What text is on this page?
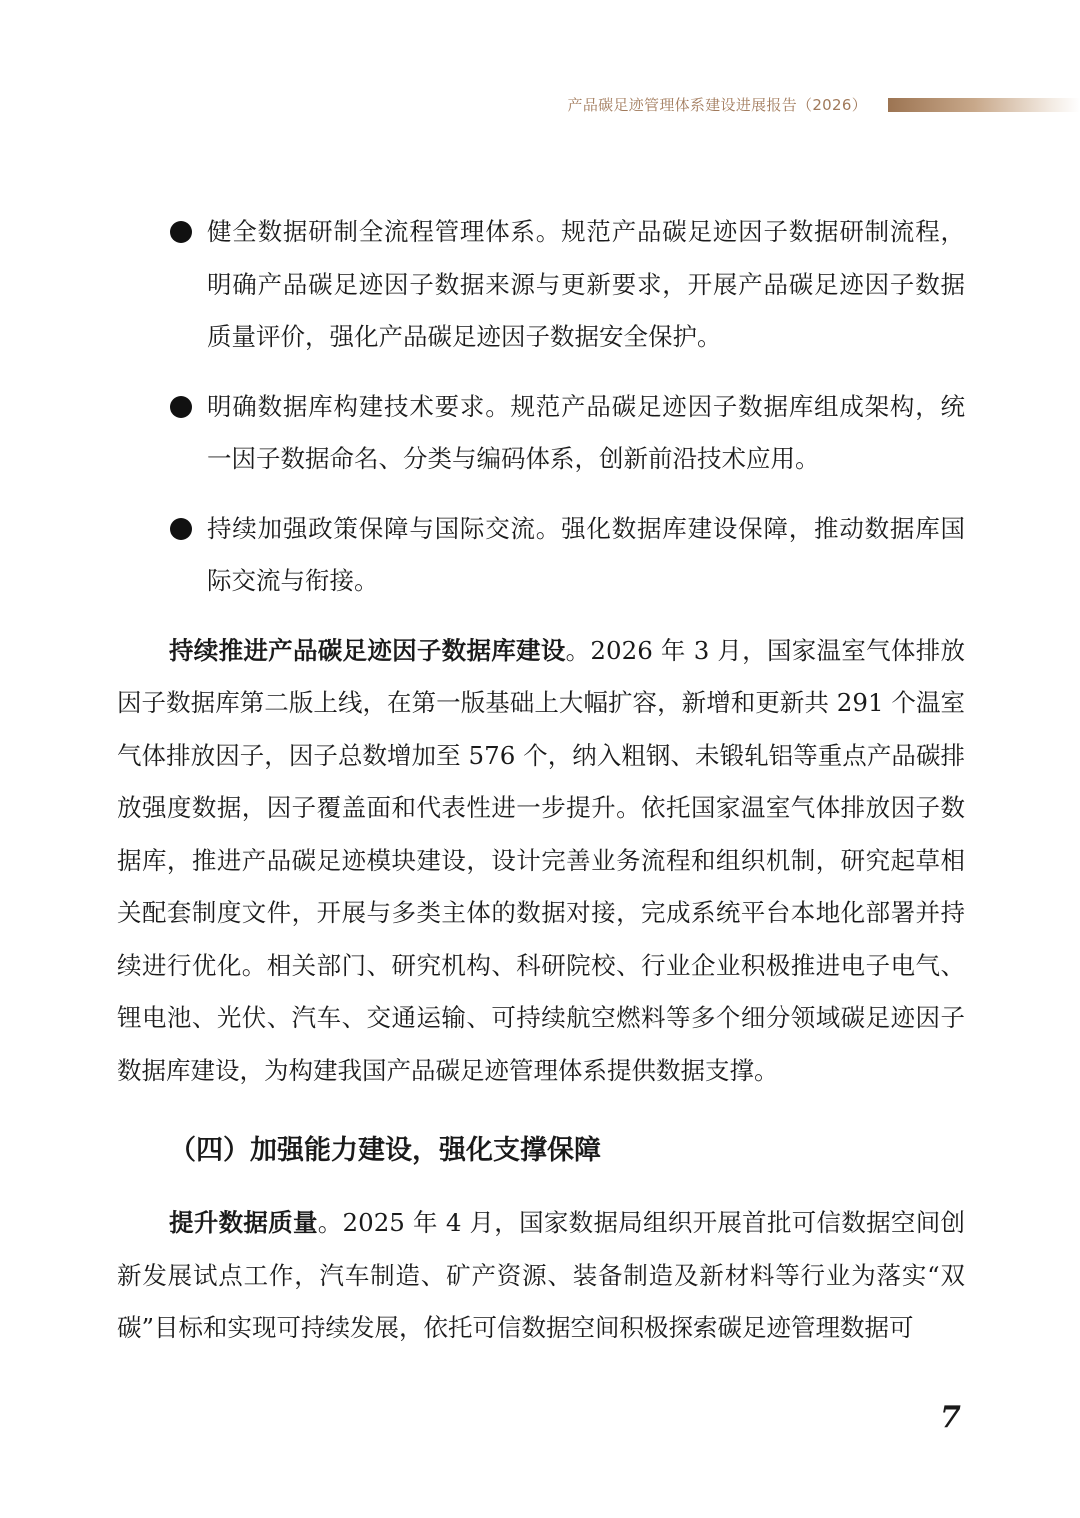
产品碳足迹管理体系建设进展报告（2026）
健全数据研制全流程管理体系。规范产品碳足迹因子数据研制流程，明确产品碳足迹因子数据来源与更新要求，开展产品碳足迹因子数据质量评价，强化产品碳足迹因子数据安全保护。
明确数据库构建技术要求。规范产品碳足迹因子数据库组成架构，统一因子数据命名、分类与编码体系，创新前沿技术应用。
持续加强政策保障与国际交流。强化数据库建设保障，推动数据库国际交流与衔接。

持续推进产品碳足迹因子数据库建设。2026 年 3 月，国家温室气体排放因子数据库第二版上线，在第一版基础上大幅扩容，新增和更新共 291 个温室气体排放因子，因子总数增加至 576 个，纳入粗钢、未锻轧铝等重点产品碳排放强度数据，因子覆盖面和代表性进一步提升。依托国家温室气体排放因子数据库，推进产品碳足迹模块建设，设计完善业务流程和组织机制，研究起草相关配套制度文件，开展与多类主体的数据对接，完成系统平台本地化部署并持续进行优化。相关部门、研究机构、科研院校、行业企业积极推进电子电气、锂电池、光伏、汽车、交通运输、可持续航空燃料等多个细分领域碳足迹因子数据库建设，为构建我国产品碳足迹管理体系提供数据支撑。

（四）加强能力建设，强化支撑保障

提升数据质量。2025 年 4 月，国家数据局组织开展首批可信数据空间创新发展试点工作，汽车制造、矿产资源、装备制造及新材料等行业为落实“双碳”目标和实现可持续发展，依托可信数据空间积极探索碳足迹管理数据可

7
